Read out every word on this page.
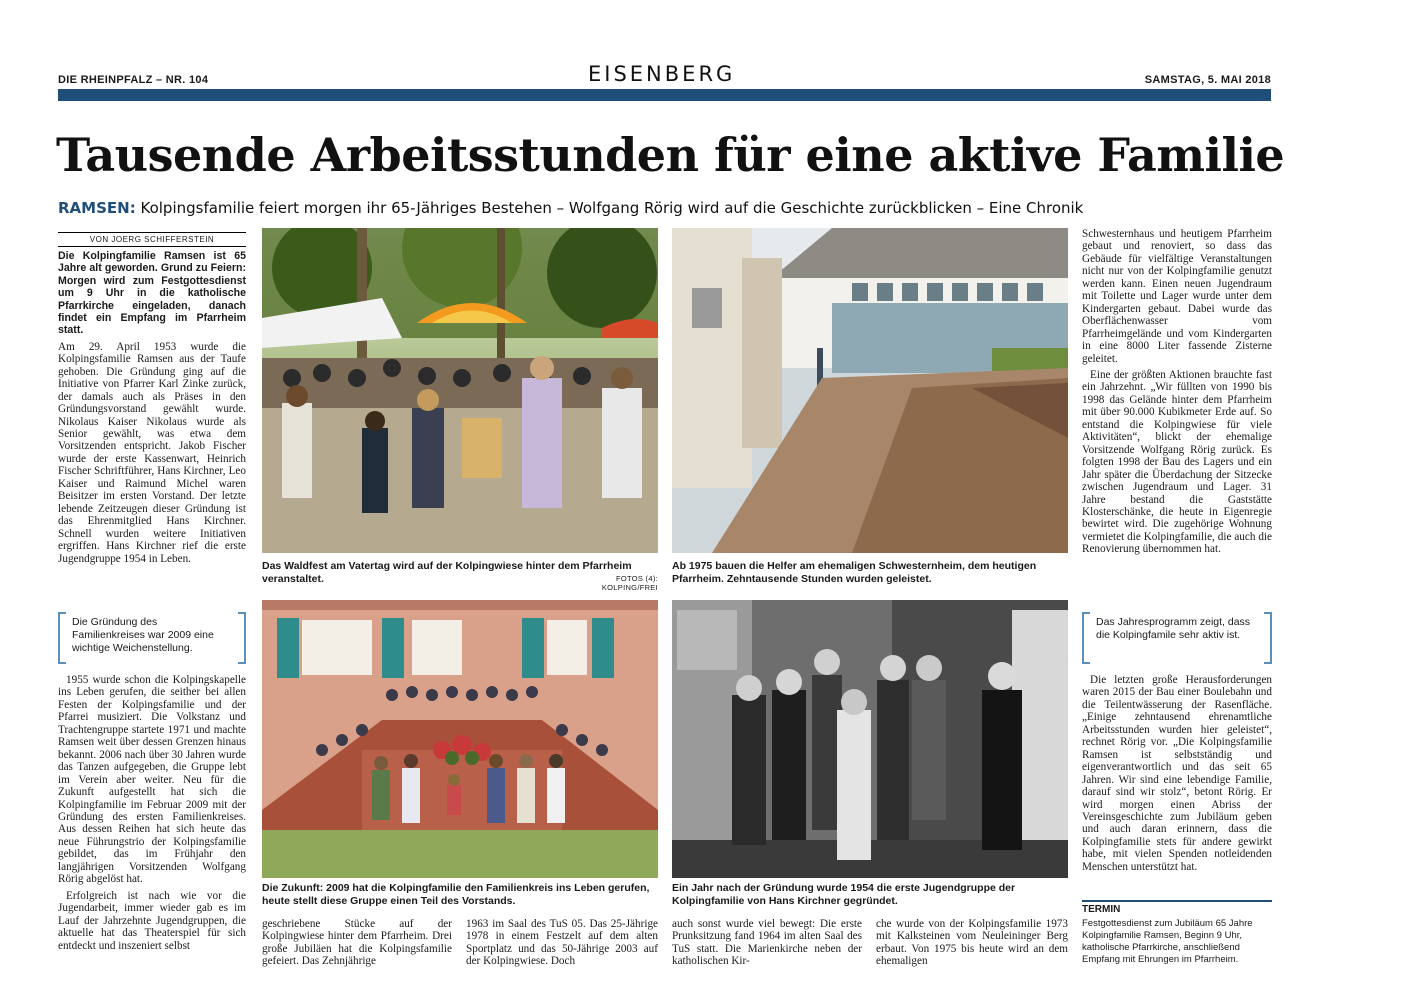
DIE RHEINPFALZ – NR. 104	EISENBERG	SAMSTAG, 5. MAI 2018
Tausende Arbeitsstunden für eine aktive Familie
RAMSEN: Kolpingsfamilie feiert morgen ihr 65-Jähriges Bestehen – Wolfgang Rörig wird auf die Geschichte zurückblicken – Eine Chronik
VON JOERG SCHIFFERSTEIN

Die Kolpingfamilie Ramsen ist 65 Jahre alt geworden. Grund zu Feiern: Morgen wird zum Festgottesdienst um 9 Uhr in die katholische Pfarrkirche eingeladen, danach findet ein Empfang im Pfarrheim statt.

Am 29. April 1953 wurde die Kolpingsfamilie Ramsen aus der Taufe gehoben. Die Gründung ging auf die Initiative von Pfarrer Karl Zinke zurück, der damals auch als Präses in den Gründungsvorstand gewählt wurde. Nikolaus Kaiser Nikolaus wurde als Senior gewählt, was etwa dem Vorsitzenden entspricht. Jakob Fischer wurde der erste Kassenwart, Heinrich Fischer Schriftführer, Hans Kirchner, Leo Kaiser und Raimund Michel waren Beisitzer im ersten Vorstand. Der letzte lebende Zeitzeugen dieser Gründung ist das Ehrenmitglied Hans Kirchner. Schnell wurden weitere Initiativen ergriffen. Hans Kirchner rief die erste Jugendgruppe 1954 in Leben.

Die Gründung des Familienkreises war 2009 eine wichtige Weichenstellung.

1955 wurde schon die Kolpingskapelle ins Leben gerufen, die seither bei allen Festen der Kolpingsfamilie und der Pfarrei musiziert. Die Volkstanz und Trachtengruppe startete 1971 und machte Ramsen weit über dessen Grenzen hinaus bekannt. 2006 nach über 30 Jahren wurde das Tanzen aufgegeben, die Gruppe lebt im Verein aber weiter. Neu für die Zukunft aufgestellt hat sich die Kolpingfamilie im Februar 2009 mit der Gründung des ersten Familienkreises. Aus dessen Reihen hat sich heute das neue Führungstrio der Kolpingsfamilie gebildet, das im Frühjahr den langjährigen Vorsitzenden Wolfgang Rörig abgelöst hat.

Erfolgreich ist nach wie vor die Jugendarbeit, immer wieder gab es im Lauf der Jahrzehnte Jugendgruppen, die aktuelle hat das Theaterspiel für sich entdeckt und inszeniert selbst

Das Waldfest am Vatertag wird auf der Kolpingwiese hinter dem Pfarrheim veranstaltet.	FOTOS (4): KOLPING/FREI
Ab 1975 bauen die Helfer am ehemaligen Schwesternheim, dem heutigen Pfarrheim. Zehntausende Stunden wurden geleistet.

Schwesternhaus und heutigem Pfarrheim gebaut und renoviert, so dass das Gebäude für vielfältige Veranstaltungen nicht nur von der Kolpingfamilie genutzt werden kann. Einen neuen Jugendraum mit Toilette und Lager wurde unter dem Kindergarten gebaut. Dabei wurde das Oberflächenwasser vom Pfarrheimgelände und vom Kindergarten in eine 8000 Liter fassende Zisterne geleitet.

Eine der größten Aktionen brauchte fast ein Jahrzehnt. „Wir füllten von 1990 bis 1998 das Gelände hinter dem Pfarrheim mit über 90.000 Kubikmeter Erde auf. So entstand die Kolpingwiese für viele Aktivitäten“, blickt der ehemalige Vorsitzende Wolfgang Rörig zurück. Es folgten 1998 der Bau des Lagers und ein Jahr später die Überdachung der Sitzecke zwischen Jugendraum und Lager. 31 Jahre bestand die Gaststätte Klosterschänke, die heute in Eigenregie bewirtet wird. Die zugehörige Wohnung vermietet die Kolpingfamilie, die auch die Renovierung übernommen hat.

Das Jahresprogramm zeigt, dass die Kolpingfamile sehr aktiv ist.

Die letzten große Herausforderungen waren 2015 der Bau einer Boulebahn und die Teilentwässerung der Rasenfläche. „Einige zehntausend ehrenamtliche Arbeitsstunden wurden hier geleistet“, rechnet Rörig vor. „Die Kolpingsfamilie Ramsen ist selbstständig und eigenverantwortlich und das seit 65 Jahren. Wir sind eine lebendige Familie, darauf sind wir stolz“, betont Rörig. Er wird morgen einen Abriss der Vereinsgeschichte zum Jubiläum geben und auch daran erinnern, dass die Kolpingfamilie stets für andere gewirkt habe, mit vielen Spenden notleidenden Menschen unterstützt hat.

TERMIN
Festgottesdienst zum Jubiläum 65 Jahre Kolpingfamilie Ramsen, Beginn 9 Uhr, katholische Pfarrkirche, anschließend Empfang mit Ehrungen im Pfarrheim.
Die Zukunft: 2009 hat die Kolpingfamilie den Familienkreis ins Leben gerufen, heute stellt diese Gruppe einen Teil des Vorstands.
Ein Jahr nach der Gründung wurde 1954 die erste Jugendgruppe der Kolpingfamilie von Hans Kirchner gegründet.

geschriebene Stücke auf der Kolpingwiese hinter dem Pfarrheim. Drei große Jubiläen hat die Kolpingsfamilie gefeiert. Das Zehnjährige

1963 im Saal des TuS 05. Das 25-Jährige 1978 in einem Festzelt auf dem alten Sportplatz und das 50-Jährige 2003 auf der Kolpingwiese. Doch

auch sonst wurde viel bewegt: Die erste Prunksitzung fand 1964 im alten Saal des TuS statt. Die Marienkirche neben der katholischen Kir-

che wurde von der Kolpingsfamilie 1973 mit Kalksteinen vom Neuleininger Berg erbaut. Von 1975 bis heute wird an dem ehemaligen
